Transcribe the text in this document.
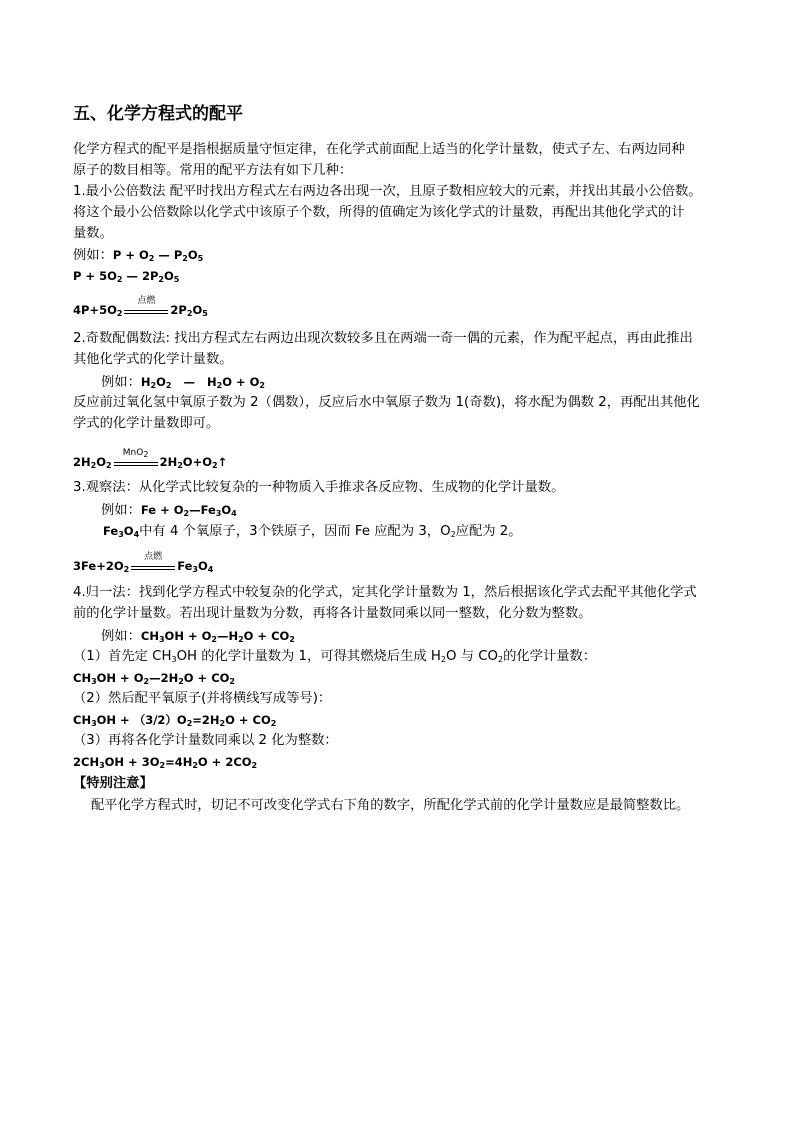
五、化学方程式的配平
化学方程式的配平是指根据质量守恒定律，在化学式前面配上适当的化学计量数，使式子左、右两边同种
原子的数目相等。常用的配平方法有如下几种：
1.最小公倍数法 配平时找出方程式左右两边各出现一次，且原子数相应较大的元素，并找出其最小公倍数。
将这个最小公倍数除以化学式中该原子个数，所得的值确定为该化学式的计量数，再配出其他化学式的计
量数。
例如：$P + O_2$ — $P_2O_5$
$P + 5O_2$ — $2P_2O_5$
$4P+5O_2$
点燃
$2P_2O_5$
2.奇数配偶数法: 找出方程式左右两边出现次数较多且在两端一奇一偶的元素，作为配平起点，再由此推出
其他化学式的化学计量数。
例如：$H_2O_2$   —   $H_2O + O_2$
反应前过氧化氢中氧原子数为 2（偶数），反应后水中氧原子数为 1(奇数)，将水配为偶数 2，再配出其他化
学式的化学计量数即可。
$2H_2O_2$
MnO$_2$
$2H_2O+O_2↑$
3.观察法：从化学式比较复杂的一种物质入手推求各反应物、生成物的化学计量数。
例如：$Fe + O_2—Fe_3O_4$
$Fe_3O_4$中有 4 个氧原子，3个铁原子，因而 Fe 应配为 3，$O_2$应配为 2。
$3Fe+2O_2$
点燃
$Fe_3O_4$
4.归一法：找到化学方程式中较复杂的化学式，定其化学计量数为 1，然后根据该化学式去配平其他化学式
前的化学计量数。若出现计量数为分数，再将各计量数同乘以同一整数，化分数为整数。
例如：$CH_3OH$ + $O_2—H_2O + CO_2$
（1）首先定 $CH_3OH$ 的化学计量数为 1，可得其燃烧后生成 $H_2O$ 与 $CO_2$的化学计量数：
$CH_3OH$ + $O_2—2H_2O + CO_2$
（2）然后配平氧原子(并将横线写成等号)：
$CH_3OH + (3/2)O_2=2H_2O + CO_2$
（3）再将各化学计量数同乘以 2 化为整数：
$2CH_3OH + 3O_2=4H_2O + 2CO_2$
【特别注意】
配平化学方程式时，切记不可改变化学式右下角的数字，所配化学式前的化学计量数应是最简整数比。
